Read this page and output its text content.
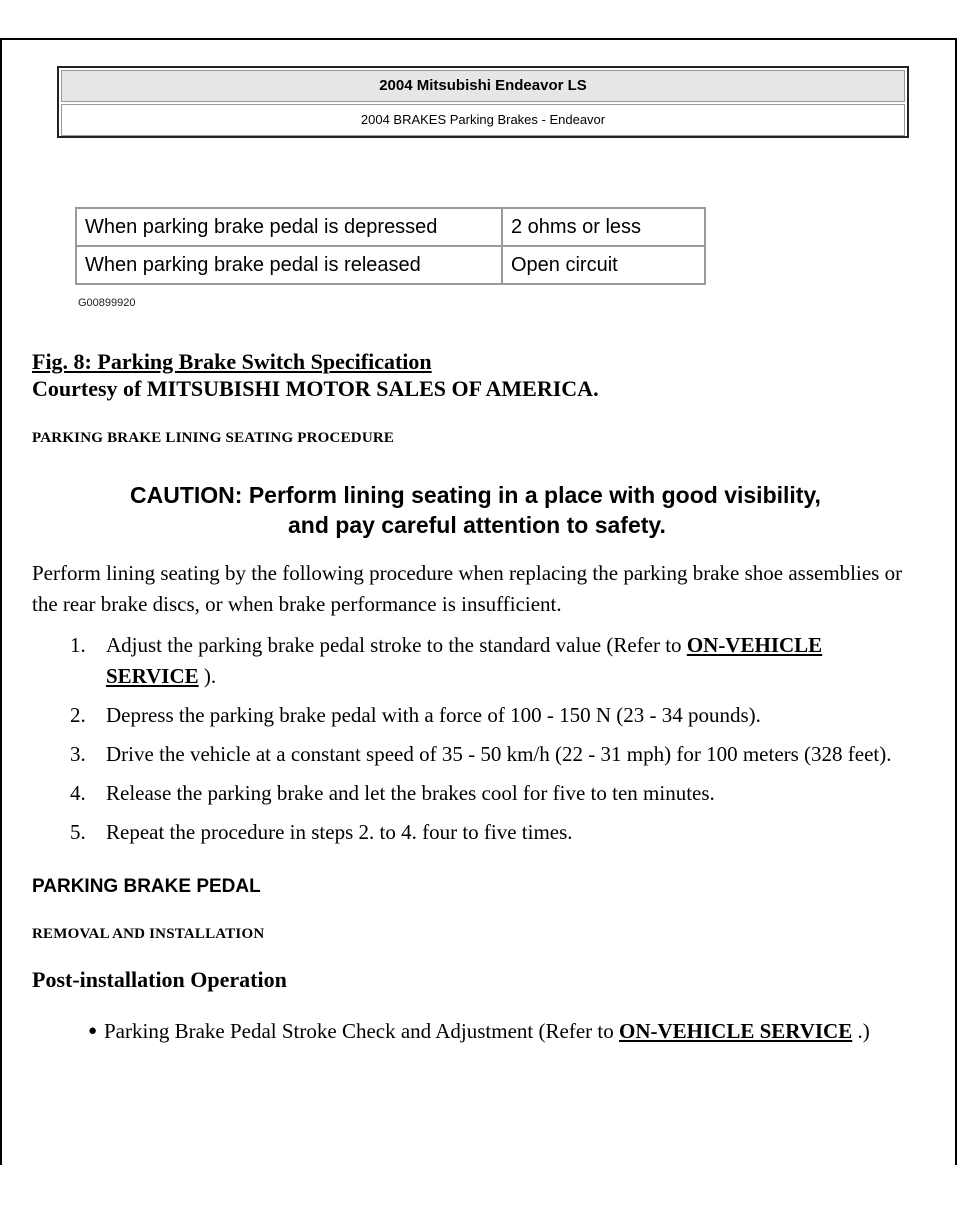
2004 Mitsubishi Endeavor LS
2004 BRAKES Parking Brakes - Endeavor
When parking brake pedal is depressed	2 ohms or less
When parking brake pedal is released	Open circuit
G00899920
Fig. 8: Parking Brake Switch Specification
Courtesy of MITSUBISHI MOTOR SALES OF AMERICA.
PARKING BRAKE LINING SEATING PROCEDURE
CAUTION: Perform lining seating in a place with good visibility,
and pay careful attention to safety.
Perform lining seating by the following procedure when replacing the parking brake shoe assemblies or the rear brake discs, or when brake performance is insufficient.
1. Adjust the parking brake pedal stroke to the standard value (Refer to ON-VEHICLE SERVICE ).
2. Depress the parking brake pedal with a force of 100 - 150 N (23 - 34 pounds).
3. Drive the vehicle at a constant speed of 35 - 50 km/h (22 - 31 mph) for 100 meters (328 feet).
4. Release the parking brake and let the brakes cool for five to ten minutes.
5. Repeat the procedure in steps 2. to 4. four to five times.
PARKING BRAKE PEDAL
REMOVAL AND INSTALLATION
Post-installation Operation
● Parking Brake Pedal Stroke Check and Adjustment (Refer to ON-VEHICLE SERVICE .)
